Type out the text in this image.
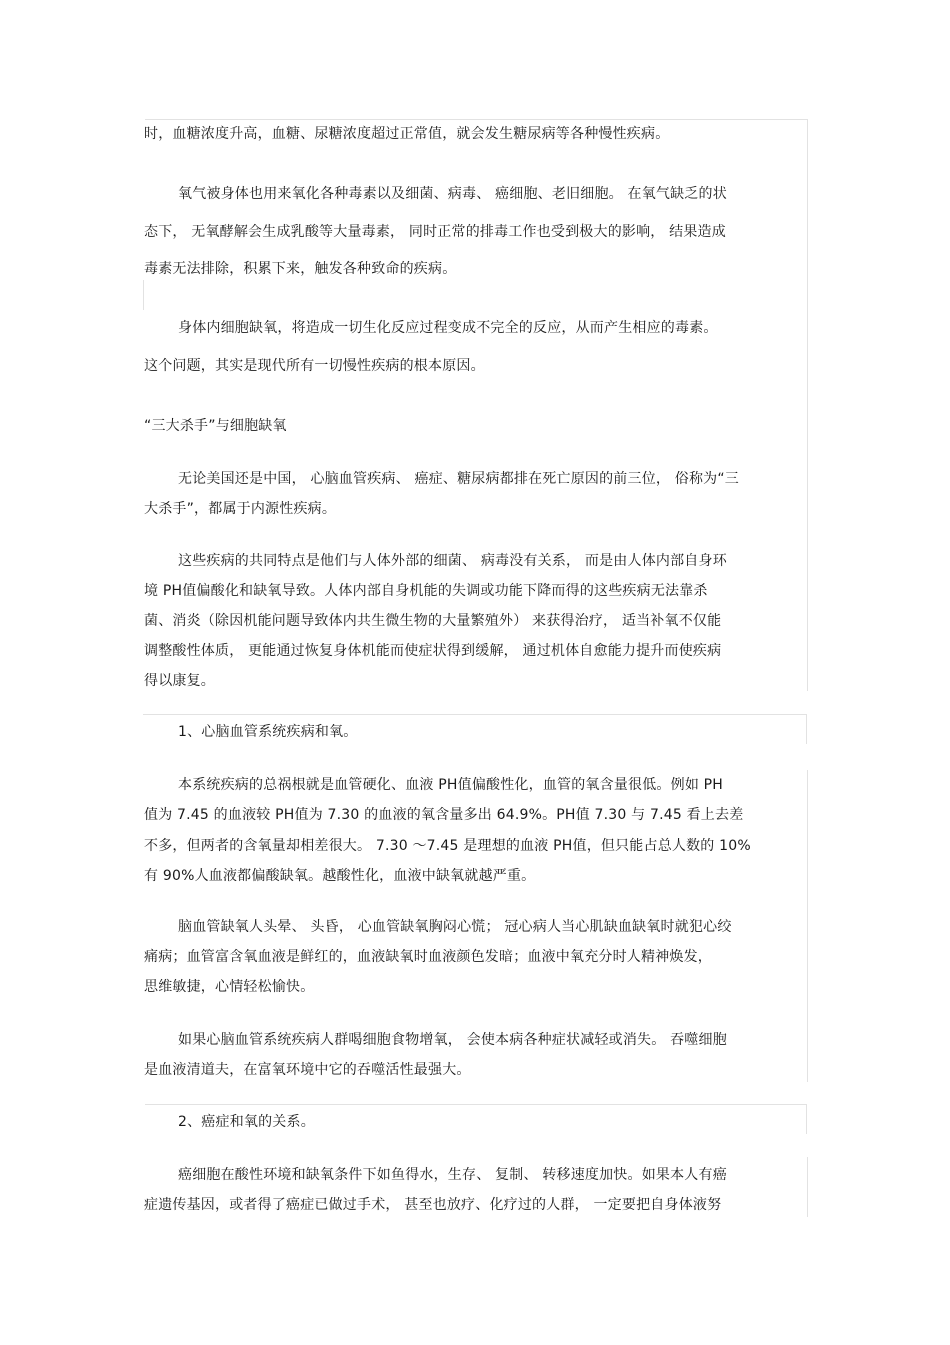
时，血糖浓度升高，血糖、尿糖浓度超过正常值，就会发生糖尿病等各种慢性疾病。
氧气被身体也用来氧化各种毒素以及细菌、病毒、 癌细胞、老旧细胞。 在氧气缺乏的状
态下， 无氧酵解会生成乳酸等大量毒素， 同时正常的排毒工作也受到极大的影响， 结果造成
毒素无法排除，积累下来，触发各种致命的疾病。
身体内细胞缺氧，将造成一切生化反应过程变成不完全的反应，从而产生相应的毒素。
这个问题，其实是现代所有一切慢性疾病的根本原因。
“三大杀手”与细胞缺氧
无论美国还是中国， 心脑血管疾病、 癌症、糖尿病都排在死亡原因的前三位， 俗称为“三
大杀手”，都属于内源性疾病。
这些疾病的共同特点是他们与人体外部的细菌、 病毒没有关系， 而是由人体内部自身环
境 PH值偏酸化和缺氧导致。人体内部自身机能的失调或功能下降而得的这些疾病无法靠杀
菌、消炎（除因机能问题导致体内共生微生物的大量繁殖外） 来获得治疗， 适当补氧不仅能
调整酸性体质， 更能通过恢复身体机能而使症状得到缓解， 通过机体自愈能力提升而使疾病
得以康复。
1、心脑血管系统疾病和氧。
本系统疾病的总祸根就是血管硬化、血液 PH值偏酸性化，血管的氧含量很低。例如 PH
值为 7.45 的血液较 PH值为 7.30 的血液的氧含量多出 64.9%。PH值 7.30 与 7.45 看上去差
不多，但两者的含氧量却相差很大。 7.30 ～7.45 是理想的血液 PH值，但只能占总人数的 10%
有 90%人血液都偏酸缺氧。越酸性化，血液中缺氧就越严重。
脑血管缺氧人头晕、 头昏， 心血管缺氧胸闷心慌； 冠心病人当心肌缺血缺氧时就犯心绞
痛病；血管富含氧血液是鲜红的，血液缺氧时血液颜色发暗；血液中氧充分时人精神焕发，
思维敏捷，心情轻松愉快。
如果心脑血管系统疾病人群喝细胞食物增氧， 会使本病各种症状减轻或消失。 吞噬细胞
是血液清道夫，在富氧环境中它的吞噬活性最强大。
2、癌症和氧的关系。
癌细胞在酸性环境和缺氧条件下如鱼得水，生存、 复制、 转移速度加快。如果本人有癌
症遗传基因，或者得了癌症已做过手术， 甚至也放疗、化疗过的人群， 一定要把自身体液努
